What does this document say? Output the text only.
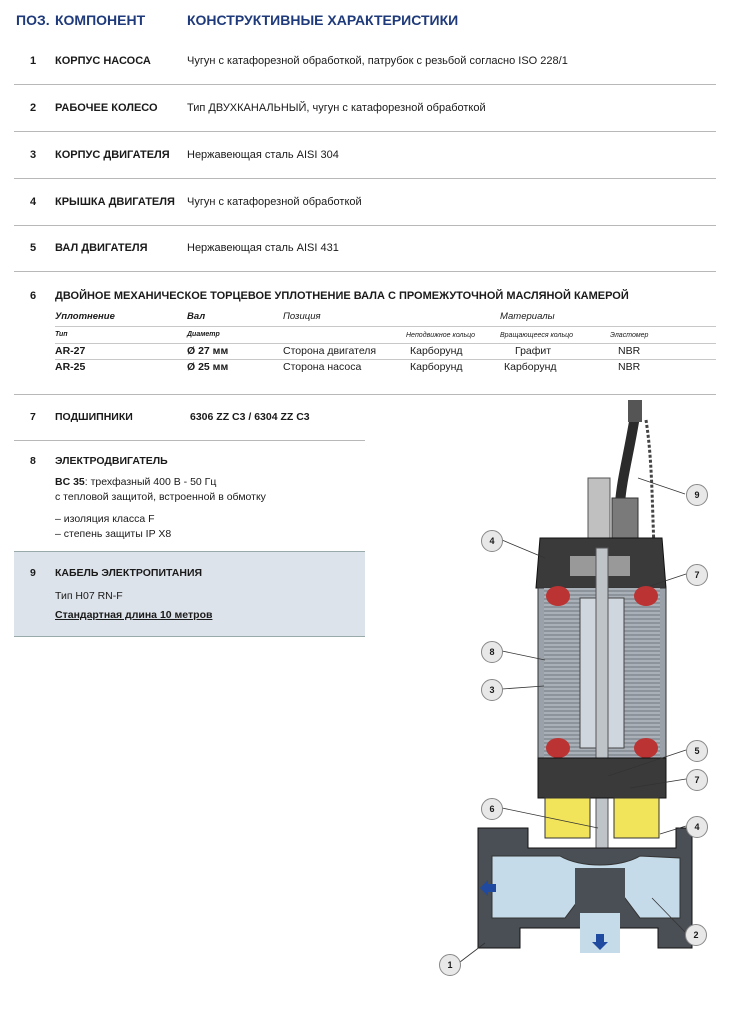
ПОЗ. КОМПОНЕНТ	КОНСТРУКТИВНЫЕ ХАРАКТЕРИСТИКИ
1 КОРПУС НАСОСА	Чугун с катафорезной обработкой, патрубок с резьбой согласно ISO 228/1
2 РАБОЧЕЕ КОЛЕСО	Тип ДВУХКАНАЛЬНЫЙ, чугун с катафорезной обработкой
3 КОРПУС ДВИГАТЕЛЯ Нержавеющая сталь AISI 304
4 КРЫШКА ДВИГАТЕЛЯ Чугун с катафорезной обработкой
5 ВАЛ ДВИГАТЕЛЯ	Нержавеющая сталь AISI 431
6 ДВОЙНОЕ МЕХАНИЧЕСКОЕ ТОРЦЕВОЕ УПЛОТНЕНИЕ ВАЛА С ПРОМЕЖУТОЧНОЙ МАСЛЯНОЙ КАМЕРОЙ
Уплотнение	Вал	Позиция	Материалы
Тип	Диаметр	Неподвижное кольцо	Вращающееся кольцо	Эластомер
AR-27	Ø 27 мм	Сторона двигателя	Карборунд	Графит	NBR
AR-25	Ø 25 мм	Сторона насоса	Карборунд	Карборунд	NBR
7 ПОДШИПНИКИ	6306 ZZ C3 / 6304 ZZ C3
8 ЭЛЕКТРОДВИГАТЕЛЬ
BC 35: трехфазный 400 В - 50 Гц
с тепловой защитой, встроенной в обмотку
– изоляция класса F
– степень защиты IP X8
9 КАБЕЛЬ ЭЛЕКТРОПИТАНИЯ
Тип H07 RN-F
Стандартная длина 10 метров
9
4
7
8
3
5
7
6
4
2
1
